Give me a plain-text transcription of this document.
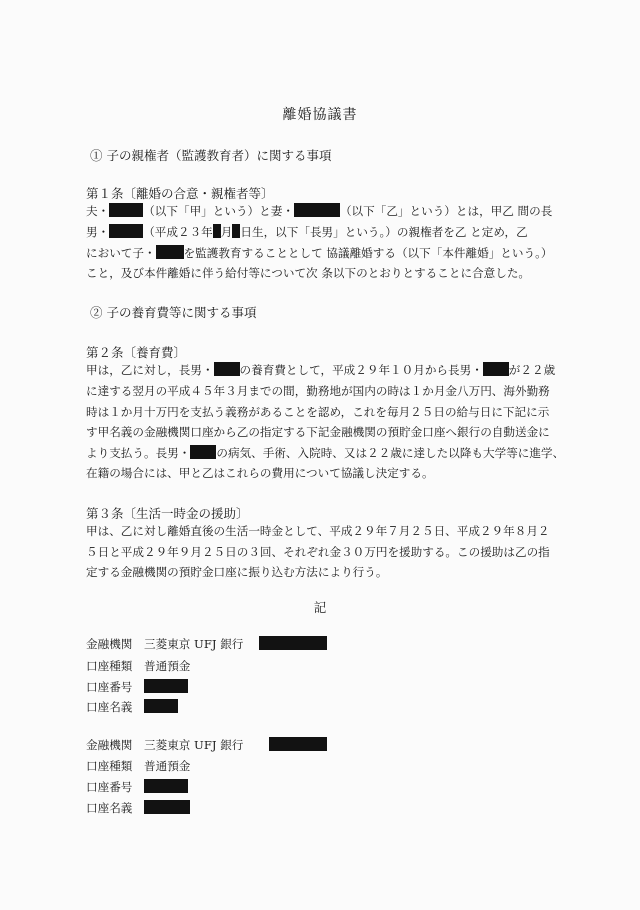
離婚協議書
① 子の親権者（監護教育者）に関する事項
第１条〔離婚の合意・親権者等〕
夫・	（以下「甲」という）と妻・	（以下「乙」という）とは，甲乙 間の長
男・	（平成２３年 月 日生，以下「長男」という。）の親権者を乙 と定め，乙
において子・ を監護教育することとして 協議離婚する（以下「本件離婚」という。）
こと，及び本件離婚に伴う給付等について次 条以下のとおりとすることに合意した。
② 子の養育費等に関する事項
第２条〔養育費〕
甲は，乙に対し，長男・ の養育費として，平成２９年１０月から長男・ が２２歳
に達する翌月の平成４５年３月までの間，勤務地が国内の時は１か月金八万円、海外勤務
時は１か月十万円を支払う義務があることを認め，これを毎月２５日の給与日に下記に示
す甲名義の金融機関口座から乙の指定する下記金融機関の預貯金口座へ銀行の自動送金に
より支払う。長男・ の病気、手術、入院時、又は２２歳に達した以降も大学等に進学、
在籍の場合には、甲と乙はこれらの費用について協議し決定する。
第３条〔生活一時金の援助〕
甲は、乙に対し離婚直後の生活一時金として、平成２９年７月２５日、平成２９年８月２
５日と平成２９年９月２５日の３回、それぞれ金３０万円を援助する。この援助は乙の指
定する金融機関の預貯金口座に振り込む方法により行う。
記
金融機関 三菱東京 UFJ 銀行
口座種類 普通預金
口座番号
口座名義
金融機関 三菱東京 UFJ 銀行
口座種類 普通預金
口座番号
口座名義
